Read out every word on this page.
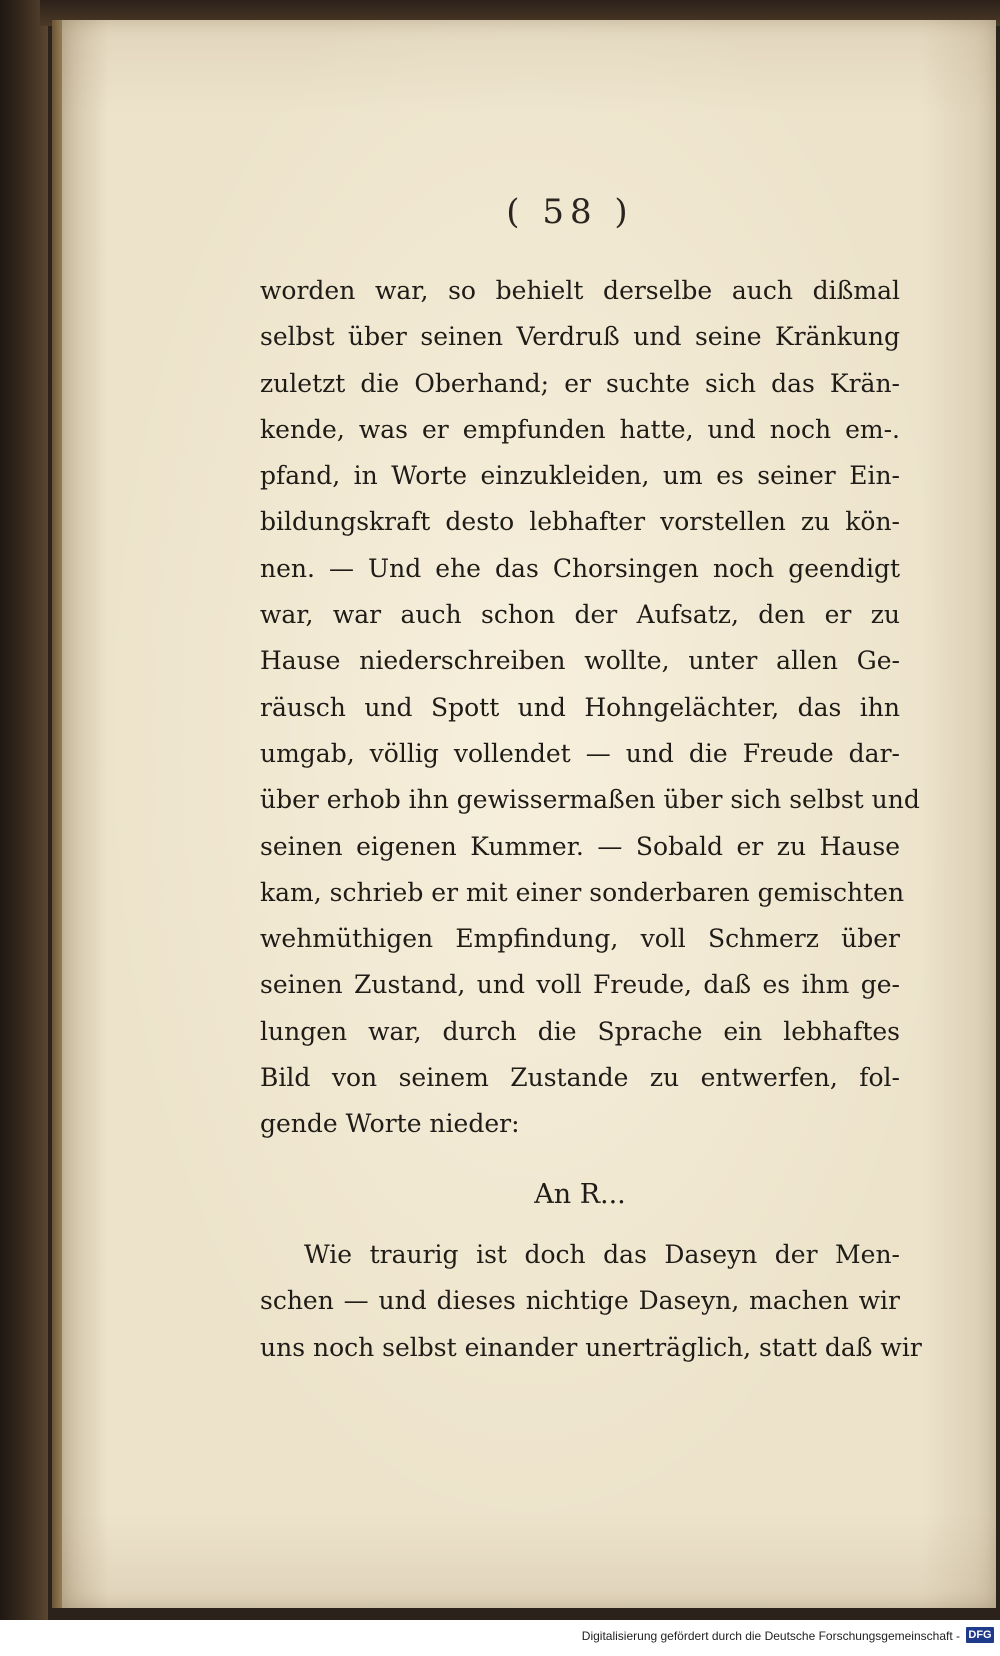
( 58 )
worden war, so behielt derselbe auch dißmal
selbst über seinen Verdruß und seine Kränkung
zuletzt die Oberhand; er suchte sich das Krän-
kende, was er empfunden hatte, und noch em-.
pfand, in Worte einzukleiden, um es seiner Ein-
bildungskraft desto lebhafter vorstellen zu kön-
nen. — Und ehe das Chorsingen noch geendigt
war, war auch schon der Aufsatz, den er zu
Hause niederschreiben wollte, unter allen Ge-
räusch und Spott und Hohngelächter, das ihn
umgab, völlig vollendet — und die Freude dar-
über erhob ihn gewissermaßen über sich selbst und
seinen eigenen Kummer. — Sobald er zu Hause
kam, schrieb er mit einer sonderbaren gemischten
wehmüthigen Empfindung, voll Schmerz über
seinen Zustand, und voll Freude, daß es ihm ge-
lungen war, durch die Sprache ein lebhaftes
Bild von seinem Zustande zu entwerfen, fol-
gende Worte nieder:
An R...
Wie traurig ist doch das Daseyn der Men-
schen — und dieses nichtige Daseyn, machen wir
uns noch selbst einander unerträglich, statt daß wir
Digitalisierung gefördert durch die Deutsche Forschungsgemeinschaft - DFG
